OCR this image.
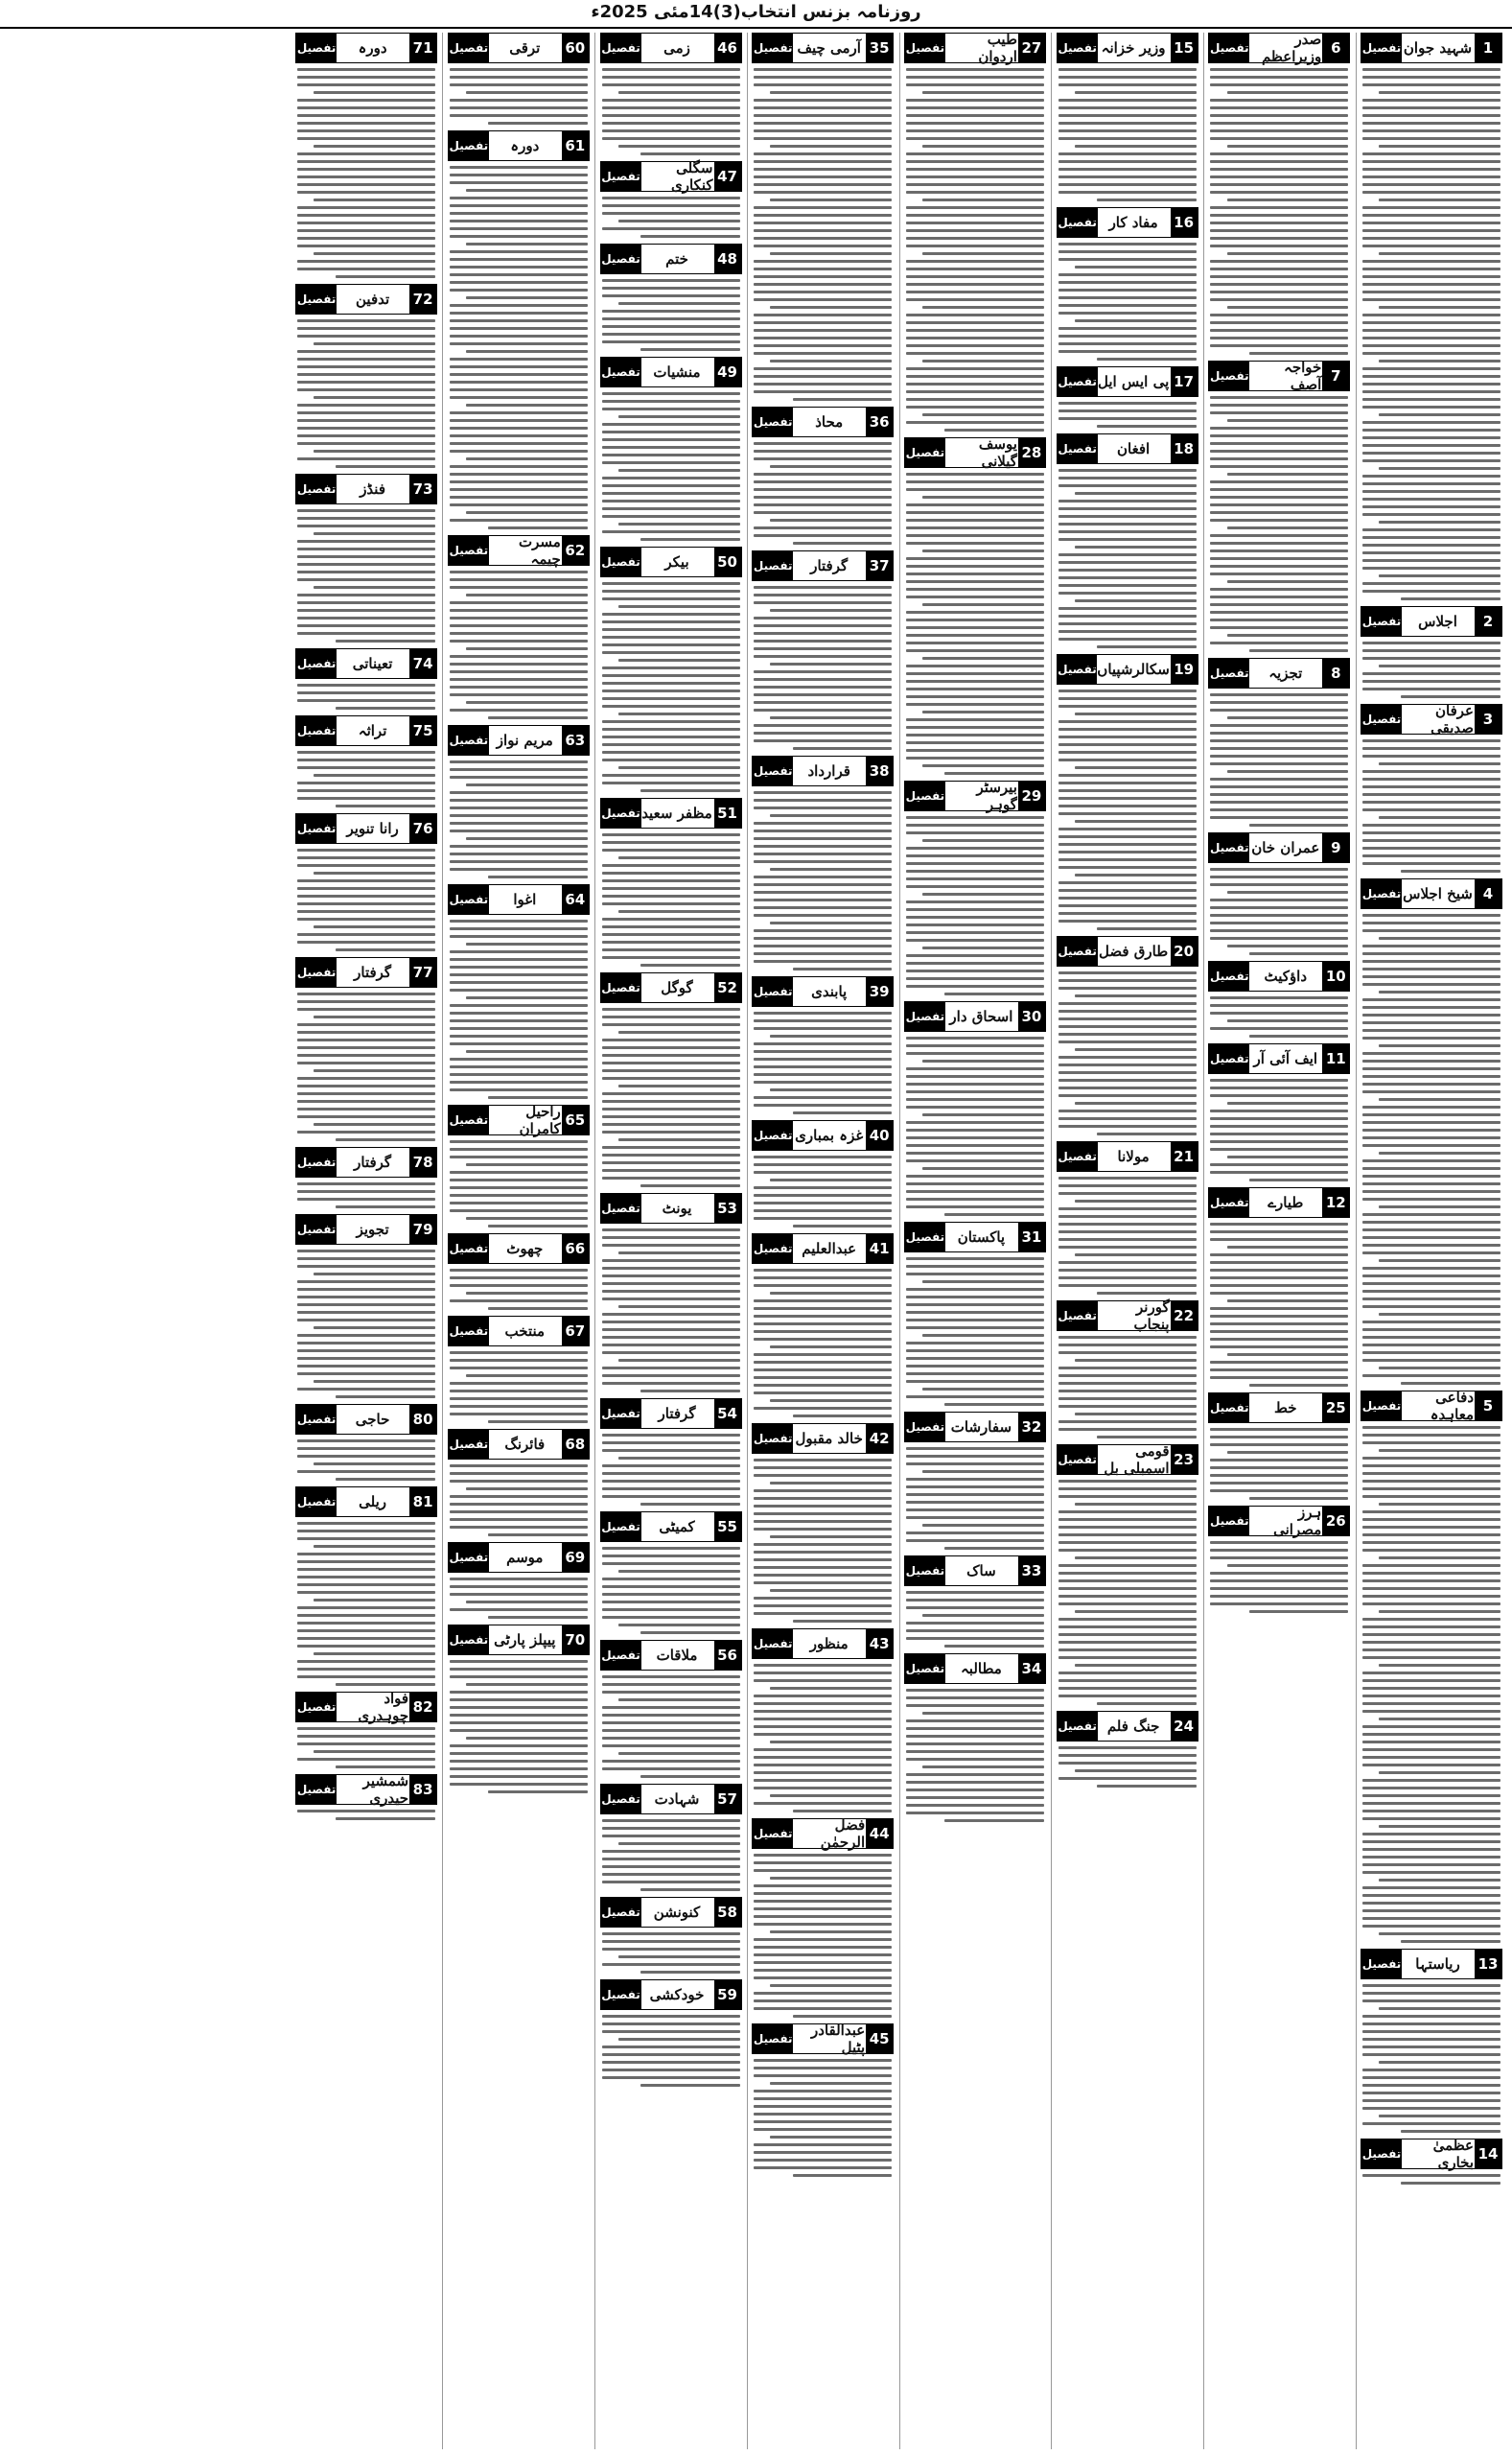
روزنامہ بزنس انتخاب(3)14مئی 2025ء
1
شہید جوان
تفصیل
2
اجلاس
تفصیل
3
عرفان صدیقی
تفصیل
4
شیخ اجلاس
تفصیل
5
دفاعی معاہدہ
تفصیل
13
ریاستہا
تفصیل
14
عظمیٰ بخاری
تفصیل
6
صدر وزیراعظم
تفصیل
7
خواجہ آصف
تفصیل
8
تجزیہ
تفصیل
9
عمران خان
تفصیل
10
داؤکیٹ
تفصیل
11
ایف آئی آر
تفصیل
12
طیارے
تفصیل
25
خط
تفصیل
26
ہرز مصرانی
تفصیل
15
وزیر خزانہ
تفصیل
16
مفاد کار
تفصیل
17
پی ایس ایل
تفصیل
18
افغان
تفصیل
19
سکالرشپیاں
تفصیل
20
طارق فضل
تفصیل
21
مولانا
تفصیل
22
گورنر پنجاب
تفصیل
23
قومی اسمبلی بل
تفصیل
24
جنگ فلم
تفصیل
27
طیب اردوان
تفصیل
28
یوسف گیلانی
تفصیل
29
بیرسٹر گوہر
تفصیل
30
اسحاق دار
تفصیل
31
پاکستان
تفصیل
32
سفارشات
تفصیل
33
ساک
تفصیل
34
مطالبہ
تفصیل
35
آرمی چیف
تفصیل
36
محاذ
تفصیل
37
گرفتار
تفصیل
38
قرارداد
تفصیل
39
پابندی
تفصیل
40
غزہ بمباری
تفصیل
41
عبدالعلیم
تفصیل
42
خالد مقبول
تفصیل
43
منظور
تفصیل
44
فضل الرحمٰن
تفصیل
45
عبدالقادر پٹیل
تفصیل
46
زمی
تفصیل
47
سگلی کنکاری
تفصیل
48
ختم
تفصیل
49
منشیات
تفصیل
50
بیکر
تفصیل
51
مظفر سعید
تفصیل
52
گوگل
تفصیل
53
یونٹ
تفصیل
54
گرفتار
تفصیل
55
کمیٹی
تفصیل
56
ملاقات
تفصیل
57
شہادت
تفصیل
58
کنونشن
تفصیل
59
خودکشی
تفصیل
60
ترقی
تفصیل
61
دورہ
تفصیل
62
مسرت چیمہ
تفصیل
63
مریم نواز
تفصیل
64
اغوا
تفصیل
65
راحیل کامران
تفصیل
66
چھوٹ
تفصیل
67
منتخب
تفصیل
68
فائرنگ
تفصیل
69
موسم
تفصیل
70
پیپلز پارٹی
تفصیل
71
دورہ
تفصیل
72
تدفین
تفصیل
73
فنڈز
تفصیل
74
تعیناتی
تفصیل
75
تراثہ
تفصیل
76
رانا تنویر
تفصیل
77
گرفتار
تفصیل
78
گرفتار
تفصیل
79
تجویز
تفصیل
80
حاجی
تفصیل
81
ریلی
تفصیل
82
فواد چوہدری
تفصیل
83
شمشیر حیدری
تفصیل
